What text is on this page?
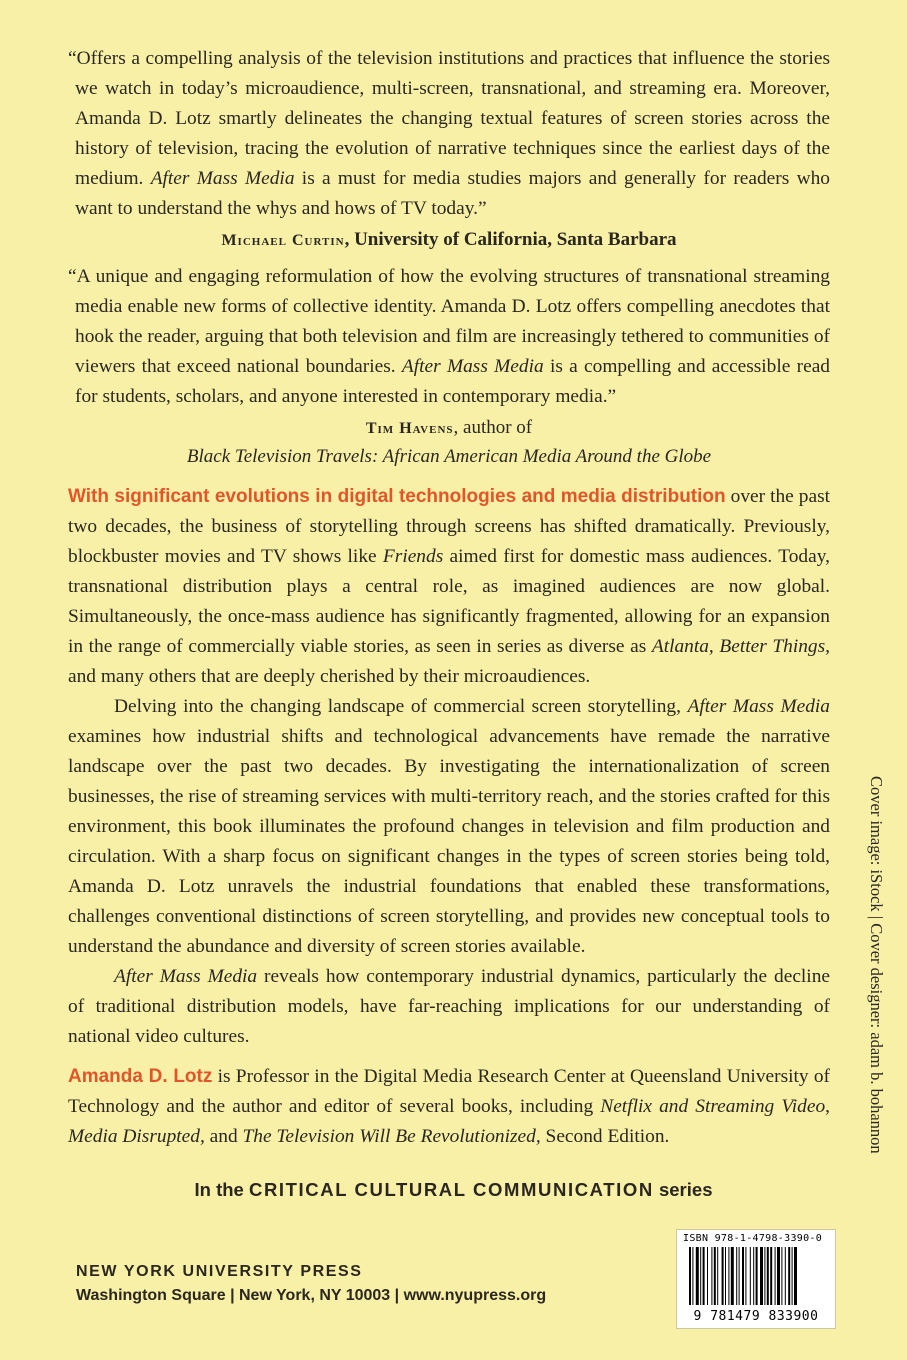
“Offers a compelling analysis of the television institutions and practices that influence the stories we watch in today’s microaudience, multi-screen, transnational, and streaming era. Moreover, Amanda D. Lotz smartly delineates the changing textual features of screen stories across the history of television, tracing the evolution of narrative techniques since the earliest days of the medium. After Mass Media is a must for media studies majors and generally for readers who want to understand the whys and hows of TV today.”

Michael Curtin, University of California, Santa Barbara

“A unique and engaging reformulation of how the evolving structures of transnational streaming media enable new forms of collective identity. Amanda D. Lotz offers compelling anecdotes that hook the reader, arguing that both television and film are increasingly tethered to communities of viewers that exceed national boundaries. After Mass Media is a compelling and accessible read for students, scholars, and anyone interested in contemporary media.”

Tim Havens, author of
Black Television Travels: African American Media Around the Globe

With significant evolutions in digital technologies and media distribution over the past two decades, the business of storytelling through screens has shifted dramatically. Previously, blockbuster movies and TV shows like Friends aimed first for domestic mass audiences. Today, transnational distribution plays a central role, as imagined audiences are now global. Simultaneously, the once-mass audience has significantly fragmented, allowing for an expansion in the range of commercially viable stories, as seen in series as diverse as Atlanta, Better Things, and many others that are deeply cherished by their microaudiences.

Delving into the changing landscape of commercial screen storytelling, After Mass Media examines how industrial shifts and technological advancements have remade the narrative landscape over the past two decades. By investigating the internationalization of screen businesses, the rise of streaming services with multi-territory reach, and the stories crafted for this environment, this book illuminates the profound changes in television and film production and circulation. With a sharp focus on significant changes in the types of screen stories being told, Amanda D. Lotz unravels the industrial foundations that enabled these transformations, challenges conventional distinctions of screen storytelling, and provides new conceptual tools to understand the abundance and diversity of screen stories available.

After Mass Media reveals how contemporary industrial dynamics, particularly the decline of traditional distribution models, have far-reaching implications for our understanding of national video cultures.

Amanda D. Lotz is Professor in the Digital Media Research Center at Queensland University of Technology and the author and editor of several books, including Netflix and Streaming Video, Media Disrupted, and The Television Will Be Revolutionized, Second Edition.

In the CRITICAL CULTURAL COMMUNICATION series
NEW YORK UNIVERSITY PRESS
Washington Square | New York, NY 10003 | www.nyupress.org
Cover image: iStock | Cover designer: adam b. bohannon
ISBN 978-1-4798-3390-0
9 781479 833900
